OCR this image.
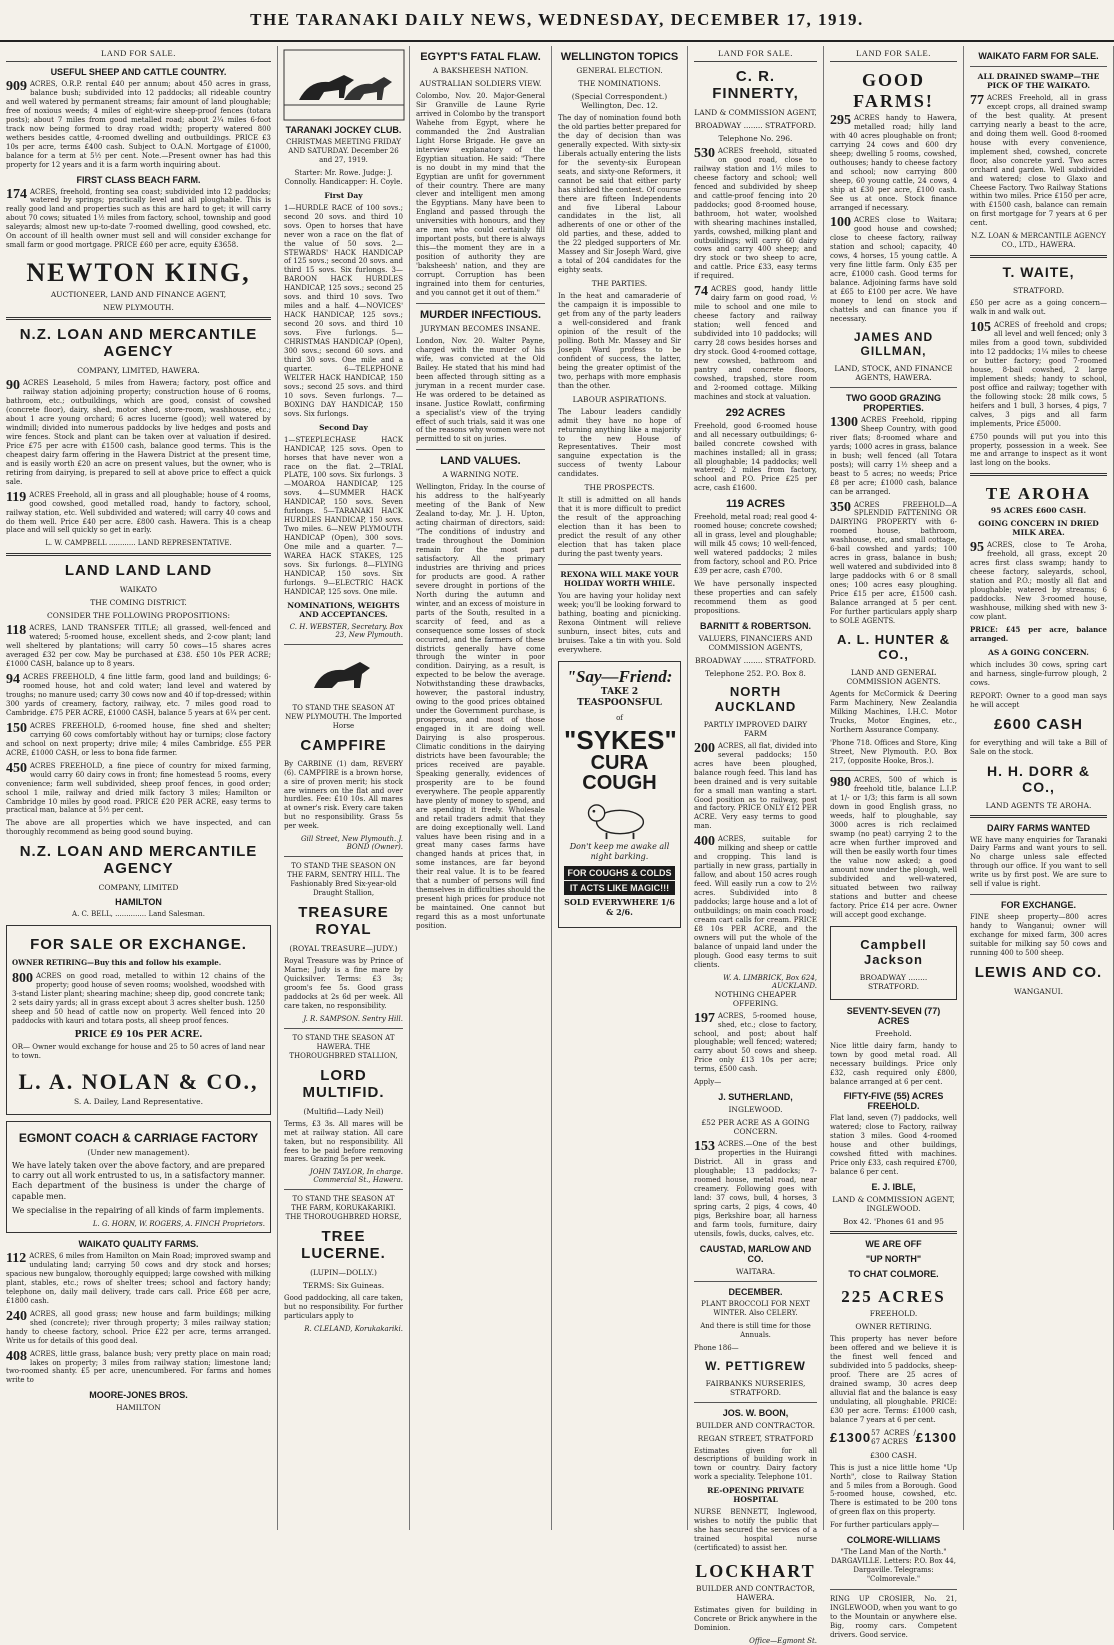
THE TARANAKI DAILY NEWS, WEDNESDAY, DECEMBER 17, 1919.
LAND FOR SALE.
USEFUL SHEEP AND CATTLE COUNTRY.
909 ACRES, O.R.P. rental £40 per annum; about 450 acres in grass, balance bush; subdivided into 12 paddocks; all rideable country and well watered by permanent streams; fair amount of land ploughable; free of noxious weeds; 4 miles of eight-wire sheep-proof fences (totara posts); about 7 miles from good metalled road; about 2¼ miles 6-foot track now being formed to dray road width; property watered 800 wethers besides cattle, 4-roomed dwelling and outbuildings. PRICE £3 10s per acre, terms £400 cash. Subject to O.A.N. Mortgage of £1000, balance for a term at 5½ per cent. Note.—Present owner has had this property for 12 years and it is a farm worth inquiring about.
FIRST CLASS BEACH FARM.
174 ACRES, freehold, fronting sea coast; subdivided into 12 paddocks; watered by springs; practically level and all ploughable. This is really good land and properties such as this are hard to get; it will carry about 70 cows; situated 1½ miles from factory, school, township and good saleyards; almost new up-to-date 7-roomed dwelling, good cowshed, etc. On account of ill health owner must sell and will consider exchange for small farm or good mortgage. PRICE £60 per acre, equity £3658.
NEWTON KING,
AUCTIONEER, LAND AND FINANCE AGENT,
NEW PLYMOUTH.
N.Z. LOAN AND MERCANTILE AGENCY
COMPANY, LIMITED, HAWERA.
90 ACRES Leasehold, 5 miles from Hawera; factory, post office and railway station adjoining property; construction house of 6 rooms, bathroom, etc.; outbuildings, which are good, consist of cowshed (concrete floor), dairy, shed, motor shed, store-room, washhouse, etc.; about 1 acre young orchard; 6 acres lucerne (good); well watered by windmill; divided into numerous paddocks by live hedges and posts and wire fences. Stock and plant can be taken over at valuation if desired. Price £75 per acre with £1500 cash, balance good terms. This is the cheapest dairy farm offering in the Hawera District at the present time, and is easily worth £20 an acre on present values, but the owner, who is retiring from dairying, is prepared to sell at above price to effect a quick sale.
119 ACRES Freehold, all in grass and all ploughable; house of 4 rooms, good cowshed, good metalled road, handy to factory, school, railway station, etc. Well subdivided and watered; will carry 40 cows and do them well. Price £40 per acre. £800 cash. Hawera. This is a cheap place and will sell quickly so get in early.
L. W. CAMPBELL ............ LAND REPRESENTATIVE.
LAND LAND LAND
WAIKATO
THE COMING DISTRICT.
CONSIDER THE FOLLOWING PROPOSITIONS:
118 ACRES, LAND TRANSFER TITLE; all grassed, well-fenced and watered; 5-roomed house, excellent sheds, and 2-cow plant; land well sheltered by plantations; will carry 50 cows—15 shares acres averaged £32 per cow. May be purchased at £38. £50 10s PER ACRE; £1000 CASH, balance up to 8 years.
94 ACRES FREEHOLD, 4 fine little farm, good land and buildings; 6-roomed house, hot and cold water; land level and watered by troughs; no manure used; carry 30 cows now and 40 if top-dressed; within 300 yards of creamery, factory, railway, etc. 7 miles good road to Cambridge. £75 PER ACRE, £1000 CASH, balance 5 years at 6¼ per cent.
150 ACRES FREEHOLD, 6-roomed house, fine shed and shelter; carrying 60 cows comfortably without hay or turnips; close factory and school on next property; drive mile; 4 miles Cambridge. £55 PER ACRE, £1000 CASH, or less to bona fide farmer.
450 ACRES FREEHOLD, a fine piece of country for mixed farming, would carry 60 dairy cows in front; fine homestead 5 rooms, every convenience; farm well subdivided, sheep proof fences, in good order; school 1 mile, railway and dried milk factory 3 miles; Hamilton or Cambridge 10 miles by good road. PRICE £20 PER ACRE, easy terms to practical man, balance at 5½ per cent.
The above are all properties which we have inspected, and can thoroughly recommend as being good sound buying.
N.Z. LOAN AND MERCANTILE AGENCY
COMPANY, LIMITED
HAMILTON
A. C. BELL, .............. Land Salesman.
FOR SALE OR EXCHANGE.
OWNER RETIRING—Buy this and follow his example.
800 ACRES on good road, metalled to within 12 chains of the property; good house of seven rooms; woolshed, woodshed with 3-stand Lister plant; shearing machine; sheep dip, good concrete tank; 2 sets dairy yards; all in grass except about 3 acres shelter bush. 1250 sheep and 50 head of cattle now on property. Well fenced into 20 paddocks with kauri and totara posts, all sheep proof fences.
PRICE £9 10s PER ACRE.
OR— Owner would exchange for house and 25 to 50 acres of land near to town.
L. A. NOLAN & CO.,
S. A. Dailey, Land Representative.
EGMONT COACH & CARRIAGE FACTORY
(Under new management).
We have lately taken over the above factory, and are prepared to carry out all work entrusted to us, in a satisfactory manner. Each department of the business is under the charge of capable men.
We specialise in the repairing of all kinds of farm implements.
L. G. HORN, W. ROGERS, A. FINCH Proprietors.
WAIKATO QUALITY FARMS.
112 ACRES, 6 miles from Hamilton on Main Road; improved swamp and undulating land; carrying 50 cows and dry stock and horses; spacious new bungalow, thoroughly equipped; large cowshed with milking plant, stables, etc.; rows of shelter trees; school and factory handy; telephone on, daily mail delivery, trade cars call. Price £68 per acre, £1800 cash.
240 ACRES, all good grass; new house and farm buildings; milking shed (concrete); river through property; 3 miles railway station; handy to cheese factory, school. Price £22 per acre, terms arranged. Write us for details of this good deal.
408 ACRES, little grass, balance bush; very pretty place on main road; lakes on property; 3 miles from railway station; limestone land; two-roomed shanty. £5 per acre, unencumbered. For farms and homes write to
MOORE-JONES BROS.
HAMILTON
TARANAKI JOCKEY CLUB.
CHRISTMAS MEETING FRIDAY AND SATURDAY. December 26 and 27, 1919.
Starter: Mr. Rowe. Judge: J. Connolly. Handicapper: H. Coyle.
First Day
1—HURDLE RACE of 100 sovs.; second 20 sovs. and third 10 sovs. Open to horses that have never won a race on the flat of the value of 50 sovs. 2—STEWARDS' HACK HANDICAP of 125 sovs.; second 20 sovs. and third 15 sovs. Six furlongs. 3—BAROON HACK HURDLES HANDICAP, 125 sovs.; second 25 sovs. and third 10 sovs. Two miles and a half. 4—NOVICES' HACK HANDICAP, 125 sovs.; second 20 sovs. and third 10 sovs. Five furlongs. 5—CHRISTMAS HANDICAP (Open), 300 sovs.; second 60 sovs. and third 30 sovs. One mile and a quarter. 6—TELEPHONE WELTER HACK HANDICAP, 150 sovs.; second 25 sovs. and third 10 sovs. Seven furlongs. 7—BOXING DAY HANDICAP, 150 sovs. Six furlongs.
Second Day
1—STEEPLECHASE HACK HANDICAP, 125 sovs. Open to horses that have never won a race on the flat. 2—TRIAL PLATE, 100 sovs. Six furlongs. 3—MOAROA HANDICAP, 125 sovs. 4—SUMMER HACK HANDICAP, 150 sovs. Seven furlongs. 5—TARANAKI HACK HURDLES HANDICAP, 150 sovs. Two miles. 6—NEW PLYMOUTH HANDICAP (Open), 300 sovs. One mile and a quarter. 7—WAREA HACK STAKES, 125 sovs. Six furlongs. 8—FLYING HANDICAP, 150 sovs. Six furlongs. 9—ELECTRIC HACK HANDICAP, 125 sovs. One mile.
NOMINATIONS, WEIGHTS AND ACCEPTANCES.
C. H. WEBSTER, Secretary. Box 23, New Plymouth.
TO STAND THE SEASON AT NEW PLYMOUTH. The Imported Horse
CAMPFIRE
By CARBINE (1) dam, REVERY (6). CAMPFIRE is a brown horse, a sire of proven merit; his stock are winners on the flat and over hurdles. Fee: £10 10s. All mares at owner's risk. Every care taken but no responsibility. Grass 5s per week.
Gill Street, New Plymouth. J. BOND (Owner).
TO STAND THE SEASON ON THE FARM, SENTRY HILL. The Fashionably Bred Six-year-old Draught Stallion,
TREASURE ROYAL
(ROYAL TREASURE—JUDY.)
Royal Treasure was by Prince of Marne; Judy is a fine mare by Quicksilver. Terms: £3 3s; groom's fee 5s. Good grass paddocks at 2s 6d per week. All care taken, no responsibility.
J. R. SAMPSON. Sentry Hill.
TO STAND THE SEASON AT HAWERA. THE THOROUGHBRED STALLION,
LORD MULTIFID.
(Multifid—Lady Neil)
Terms, £3 3s. All mares will be met at railway station. All care taken, but no responsibility. All fees to be paid before removing mares. Grazing 5s per week.
JOHN TAYLOR, In charge. Commercial St., Hawera.
TO STAND THE SEASON AT THE FARM, KORUKAKARIKI. THE THOROUGHBRED HORSE,
TREE LUCERNE.
(LUPIN—DOLLY.)
TERMS: Six Guineas.
Good paddocking, all care taken, but no responsibility. For further particulars apply to
R. CLELAND, Korukakariki.
EGYPT'S FATAL FLAW.
A BAKSHEESH NATION.
AUSTRALIAN SOLDIERS VIEW.
Colombo, Nov. 20. Major-General Sir Granville de Laune Ryrie arrived in Colombo by the transport Wahehe from Egypt, where he commanded the 2nd Australian Light Horse Brigade. He gave an interview explanatory of the Egyptian situation. He said: "There is no doubt in my mind that the Egyptian are unfit for government of their country. There are many clever and intelligent men among the Egyptians. Many have been to England and passed through the universities with honours, and they are men who could certainly fill important posts, but there is always this—the moment they are in a position of authority they are 'baksheesh' nation, and they are corrupt. Corruption has been ingrained into them for centuries, and you cannot get it out of them."
MURDER INFECTIOUS.
JURYMAN BECOMES INSANE.
London, Nov. 20. Walter Payne, charged with the murder of his wife, was convicted at the Old Bailey. He stated that his mind had been affected through sitting as a juryman in a recent murder case. He was ordered to be detained as insane. Justice Rowlatt, confirming a specialist's view of the trying effect of such trials, said it was one of the reasons why women were not permitted to sit on juries.
LAND VALUES.
A WARNING NOTE.
Wellington, Friday. In the course of his address to the half-yearly meeting of the Bank of New Zealand to-day, Mr. J. H. Upton, acting chairman of directors, said: "The conditions of industry and trade throughout the Dominion remain for the most part satisfactory. All the primary industries are thriving and prices for products are good. A rather severe drought in portions of the North during the autumn and winter, and an excess of moisture in parts of the South, resulted in a scarcity of feed, and as a consequence some losses of stock occurred, and the farmers of these districts generally have come through the winter in poor condition. Dairying, as a result, is expected to be below the average. Notwithstanding these drawbacks, however, the pastoral industry, owing to the good prices obtained under the Government purchase, is prosperous, and most of those engaged in it are doing well. Dairying is also prosperous. Climatic conditions in the dairying districts have been favourable; the prices received are payable. Speaking generally, evidences of prosperity are to be found everywhere. The people apparently have plenty of money to spend, and are spending it freely. Wholesale and retail traders admit that they are doing exceptionally well. Land values have been rising and in a great many cases farms have changed hands at prices that, in some instances, are far beyond their real value. It is to be feared that a number of persons will find themselves in difficulties should the present high prices for produce not be maintained. One cannot but regard this as a most unfortunate position.
WELLINGTON TOPICS
GENERAL ELECTION.
THE NOMINATIONS.
(Special Correspondent.) Wellington, Dec. 12.
The day of nomination found both the old parties better prepared for the day of decision than was generally expected. With sixty-six Liberals actually entering the lists for the seventy-six European seats, and sixty-one Reformers, it cannot be said that either party has shirked the contest. Of course there are fifteen Independents and five Liberal Labour candidates in the list, all adherents of one or other of the old parties, and these, added to the 22 pledged supporters of Mr. Massey and Sir Joseph Ward, give a total of 204 candidates for the eighty seats.
THE PARTIES.
In the heat and camaraderie of the campaign it is impossible to get from any of the party leaders a well-considered and frank opinion of the result of the polling. Both Mr. Massey and Sir Joseph Ward profess to be confident of success, the latter, being the greater optimist of the two, perhaps with more emphasis than the other.
LABOUR ASPIRATIONS.
The Labour leaders candidly admit they have no hope of returning anything like a majority to the new House of Representatives. Their most sanguine expectation is the success of twenty Labour candidates.
THE PROSPECTS.
It still is admitted on all hands that it is more difficult to predict the result of the approaching election than it has been to predict the result of any other election that has taken place during the past twenty years.
REXONA WILL MAKE YOUR HOLIDAY WORTH WHILE.
You are having your holiday next week; you'll be looking forward to bathing, boating and picnicking. Rexona Ointment will relieve sunburn, insect bites, cuts and bruises. Take a tin with you. Sold everywhere.
"Say—Friend:
TAKE 2 TEASPOONSFUL
of
"SYKES"
CURA COUGH
Don't keep me awake all night barking.
FOR COUGHS & COLDS
IT ACTS LIKE MAGIC!!!
SOLD EVERYWHERE 1/6 & 2/6.
LAND FOR SALE.
C. R. FINNERTY,
LAND & COMMISSION AGENT,
BROADWAY ........ STRATFORD.
Telephone No. 296.
530 ACRES freehold, situated on good road, close to railway station and 1½ miles to cheese factory and school; well fenced and subdivided by sheep and cattle-proof fencing into 20 paddocks; good 8-roomed house, bathroom, hot water, woolshed with shearing machines installed, yards, cowshed, milking plant and outbuildings; will carry 60 dairy cows and carry 400 sheep; and dry stock or two sheep to acre, and cattle. Price £33, easy terms if required.
74 ACRES good, handy little dairy farm on good road, ½ mile to school and one mile to cheese factory and railway station; well fenced and subdivided into 10 paddocks; will carry 28 cows besides horses and dry stock. Good 4-roomed cottage, new cowshed, bathroom and pantry and concrete floors, cowshed, trapshed, store room and 2-roomed cottage. Milking machines and stock at valuation.
292 ACRES
Freehold, good 6-roomed house and all necessary outbuildings; 6-bailed concrete cowshed with machines installed; all in grass; all ploughable; 14 paddocks; well watered; 2 miles from factory, school and P.O. Price £25 per acre, cash £1600.
119 ACRES
Freehold, metal road; real good 4-roomed house; concrete cowshed; all in grass, level and ploughable; will milk 45 cows; 10 well-fenced, well watered paddocks; 2 miles from factory, school and P.O. Price £39 per acre, cash £700.
We have personally inspected these properties and can safely recommend them as good propositions.
BARNITT & ROBERTSON.
VALUERS, FINANCIERS AND COMMISSION AGENTS,
BROADWAY ........ STRATFORD.
Telephone 252. P.O. Box 8.
NORTH AUCKLAND
PARTLY IMPROVED DAIRY FARM
200 ACRES, all flat, divided into several paddocks; 150 acres have been ploughed, balance rough feed. This land has been drained and is very suitable for a small man wanting a start. Good position as to railway, post and factory. PRICE ONLY £12 PER ACRE. Very easy terms to good man.
400 ACRES, suitable for milking and sheep or cattle and cropping. This land is partially in new grass, partially in fallow, and about 150 acres rough feed. Will easily run a cow to 2½ acres. Subdivided into 8 paddocks; large house and a lot of outbuildings; on main coach road; cream cart calls for cream. PRICE £8 10s PER ACRE, and the owners will put the whole of the balance of unpaid land under the plough. Good easy terms to suit clients.
W. A. LIMBRICK, Box 624, AUCKLAND.
NOTHING CHEAPER OFFERING.
197 ACRES, 5-roomed house, shed, etc.; close to factory, school, and post; about half ploughable; well fenced; watered; carry about 50 cows and sheep. Price only £13 10s per acre; terms, £500 cash.
Apply—
J. SUTHERLAND,
INGLEWOOD.
£52 PER ACRE AS A GOING CONCERN.
153 ACRES.—One of the best properties in the Huirangi District. All in grass and ploughable; 13 paddocks; 7-roomed house, metal road, near creamery. Following goes with land: 37 cows, bull, 4 horses, 3 spring carts, 2 pigs, 4 cows, 40 pigs, Berkshire boar, all harness and farm tools, furniture, dairy utensils, fowls, ducks, calves, etc.
CAUSTAD, MARLOW AND CO.
WAITARA.
DECEMBER.
PLANT BROCCOLI FOR NEXT WINTER. Also CELERY.
And there is still time for those Annuals.
Phone 186—
W. PETTIGREW
FAIRBANKS NURSERIES, STRATFORD.
JOS. W. BOON,
BUILDER AND CONTRACTOR.
REGAN STREET, STRATFORD
Estimates given for all descriptions of building work in town or country. Dairy factory work a speciality. Telephone 101.
RE-OPENING PRIVATE HOSPITAL
NURSE BENNETT, Inglewood, wishes to notify the public that she has secured the services of a trained hospital nurse (certificated) to assist her.
LOCKHART
BUILDER AND CONTRACTOR, HAWERA.
Estimates given for building in Concrete or Brick anywhere in the Dominion.
Office—Egmont St.
LAND FOR SALE.
GOOD FARMS!
295 ACRES handy to Hawera, metalled road; hilly land with 40 acres ploughable on front; carrying 24 cows and 600 dry sheep; dwelling 5 rooms, cowshed, outhouses; handy to cheese factory and school; now carrying 800 sheep, 60 young cattle, 24 cows, 4 ship at £30 per acre, £100 cash. See us at once. Stock finance arranged if necessary.
100 ACRES close to Waitara; good house and cowshed; close to cheese factory, railway station and school; capacity, 40 cows, 4 horses, 15 young cattle. A very fine little farm. Only £35 per acre, £1000 cash. Good terms for balance. Adjoining farms have sold at £65 to £100 per acre. We have money to lend on stock and chattels and can finance you if necessary.
JAMES AND GILLMAN,
LAND, STOCK, AND FINANCE AGENTS, HAWERA.
TWO GOOD GRAZING PROPERTIES.
1300 ACRES Freehold, ripping Sheep Country, with good river flats; 8-roomed whare and yards; 1000 acres in grass, balance in bush; well fenced (all Totara posts); will carry 1½ sheep and a beast to 5 acres; no weeds; Price £8 per acre; £1000 cash, balance can be arranged.
350 ACRES FREEHOLD—A SPLENDID FATTENING OR DAIRYING PROPERTY with 6-roomed house, bathroom, washhouse, etc, and small cottage, 6-bail cowshed and yards; 100 acres in grass, balance in bush; well watered and subdivided into 8 large paddocks with 6 or 8 small ones; 100 acres easy ploughing. Price £15 per acre, £1500 cash. Balance arranged at 5 per cent. For further particulars apply sharp to SOLE AGENTS.
A. L. HUNTER & CO.,
LAND AND GENERAL COMMISSION AGENTS.
Agents for McCormick & Deering Farm Machinery, New Zealandia Milking Machines, I.H.C. Motor Trucks, Motor Engines, etc., Northern Assurance Company.
'Phone 718. Offices and Store, King Street, New Plymouth. P.O. Box 217, (opposite Hooke, Bros.).
980 ACRES, 500 of which is freehold title, balance L.I.P. at 1/- or 1/3; this farm is all sown down in good English grass, no weeds, half to ploughable, say 3000 acres is rich reclaimed swamp (no peat) carrying 2 to the acre when further improved and will then be easily worth four times the value now asked; a good amount now under the plough, well subdivided and well-watered, situated between two railway stations and butter and cheese factory. Price £14 per acre. Owner will accept good exchange.
Campbell Jackson
BROADWAY ........ STRATFORD.
SEVENTY-SEVEN (77) ACRES
Freehold.
Nice little dairy farm, handy to town by good metal road. All necessary buildings. Price only £32, cash required only £800, balance arranged at 6 per cent.
FIFTY-FIVE (55) ACRES FREEHOLD.
Flat land, seven (7) paddocks, well watered; close to Factory, railway station 3 miles. Good 4-roomed house and other buildings, cowshed fitted with machines. Price only £33, cash required £700, balance 6 per cent.
E. J. IBLE,
LAND & COMMISSION AGENT, INGLEWOOD.
Box 42. 'Phones 61 and 95
WE ARE OFF
"UP NORTH"
TO CHAT COLMORE.
225 ACRES
FREEHOLD.
OWNER RETIRING.
This property has never before been offered and we believe it is the finest well fenced and subdivided into 5 paddocks, sheep-proof. There are 25 acres of drained swamp, 30 acres deep alluvial flat and the balance is easy undulating, all ploughable. PRICE: £30 per acre. Terms: £1000 cash, balance 7 years at 6 per cent.
£1300 57 ACRES / 67 ACRES £1300
£300 CASH.
This is just a nice little home "Up North", close to Railway Station and 5 miles from a Borough. Good 5-roomed house, cowshed, etc. There is estimated to be 200 tons of green flax on this property.
For further particulars apply—
COLMORE-WILLIAMS
"The Land Man of the North." DARGAVILLE. Letters: P.O. Box 44, Dargaville. Telegrams: "Colmorevale."
RING UP CROSIER, No. 21, INGLEWOOD, when you want to go to the Mountain or anywhere else. Big, roomy cars. Competent drivers. Good service.
WAIKATO FARM FOR SALE.
ALL DRAINED SWAMP—THE PICK OF THE WAIKATO.
77 ACRES Freehold, all in grass except crops, all drained swamp of the best quality. At present carrying nearly a beast to the acre, and doing them well. Good 8-roomed house with every convenience, implement shed, cowshed, concrete floor, also concrete yard. Two acres orchard and garden. Well subdivided and watered; close to Glaxo and Cheese Factory. Two Railway Stations within two miles. Price £150 per acre, with £1500 cash, balance can remain on first mortgage for 7 years at 6 per cent.
N.Z. LOAN & MERCANTILE AGENCY CO., LTD., HAWERA.
T. WAITE,
STRATFORD.
£50 per acre as a going concern—walk in and walk out.
105 ACRES of freehold and crops; all level and well fenced; only 3 miles from a good town, subdivided into 12 paddocks; 1¼ miles to cheese or butter factory; good 7-roomed house, 8-bail cowshed, 2 large implement sheds; handy to school, post office and railway; together with the following stock: 28 milk cows, 5 heifers and 1 bull, 3 horses, 4 pigs, 7 calves, 3 pigs and all farm implements, Price £5000.
£750 pounds will put you into this property, possession in a week. See me and arrange to inspect as it wont last long on the books.
TE AROHA
95 ACRES £600 CASH.
GOING CONCERN IN DRIED MILK AREA.
95 ACRES, close to Te Aroha, freehold, all grass, except 20 acres first class swamp; handy to cheese factory, saleyards, school, station and P.O.; mostly all flat and ploughable; watered by streams; 6 paddocks. New 3-roomed house, washhouse, milking shed with new 3-cow plant.
PRICE: £45 per acre, balance arranged.
AS A GOING CONCERN.
which includes 30 cows, spring cart and harness, single-furrow plough, 2 cows.
REPORT: Owner to a good man says he will accept
£600 CASH
for everything and will take a Bill of Sale on the stock.
H. H. DORR & CO.,
LAND AGENTS TE AROHA.
DAIRY FARMS WANTED
WE have many enquiries for Taranaki Dairy Farms and want yours to sell. No charge unless sale effected through our office. If you want to sell write us by first post. We are sure to sell if value is right.
FOR EXCHANGE.
FINE sheep property—800 acres handy to Wanganui; owner will exchange for mixed farm, 300 acres suitable for milking say 50 cows and running 400 to 500 sheep.
LEWIS AND CO.
WANGANUI.
